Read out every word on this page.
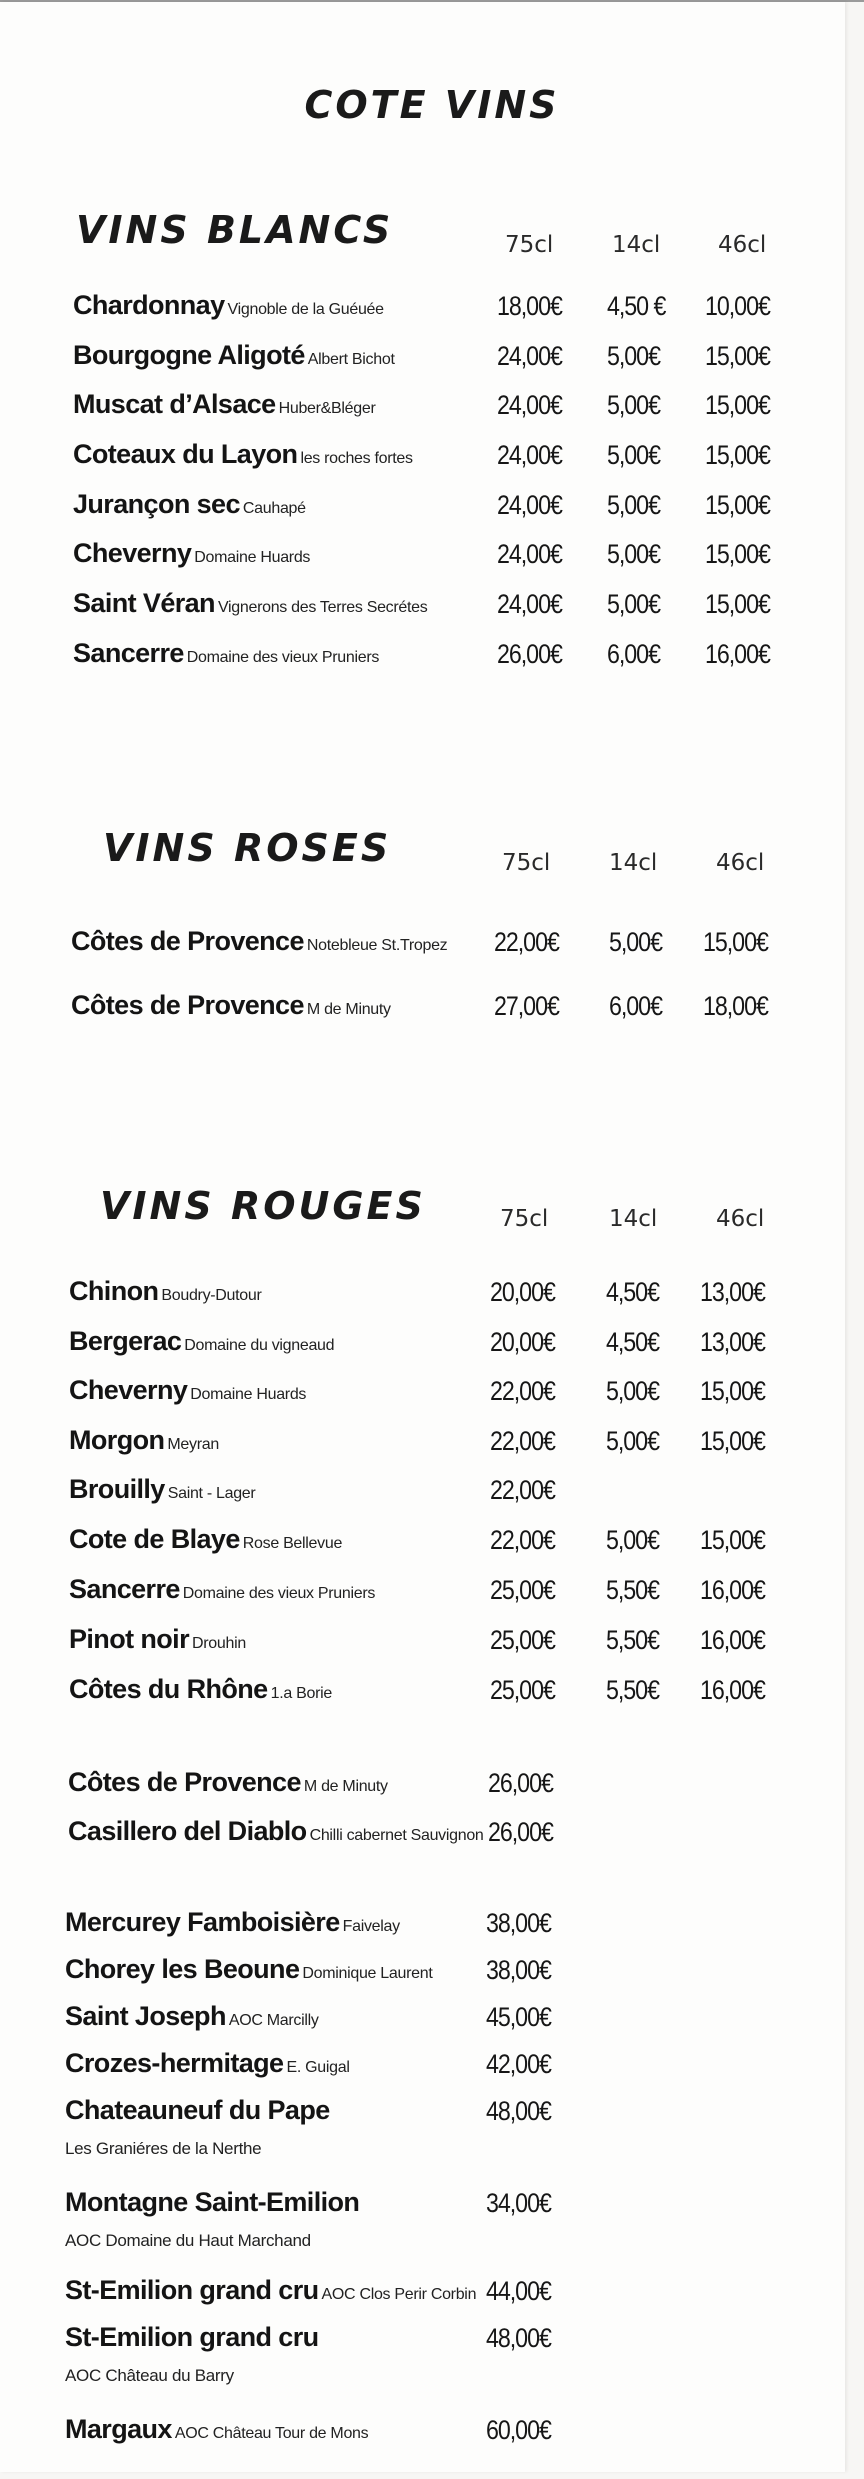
COTE VINS
VINS BLANCS	75cl	14cl	46cl
Chardonnay Vignoble de la Guéuée	18,00€ 4,50 € 10,00€
Bourgogne Aligoté Albert Bichot	24,00€ 5,00€ 15,00€
Muscat d’Alsace Huber&Bléger	24,00€ 5,00€ 15,00€
Coteaux du Layon les roches fortes	24,00€ 5,00€ 15,00€
Jurançon sec Cauhapé	24,00€ 5,00€ 15,00€
Cheverny Domaine Huards	24,00€ 5,00€ 15,00€
Saint Véran Vignerons des Terres Secrétes	24,00€ 5,00€ 15,00€
Sancerre Domaine des vieux Pruniers	26,00€ 6,00€ 16,00€
VINS ROSES	75cl	14cl	46cl
Côtes de Provence Notebleue St.Tropez 22,00€ 5,00€ 15,00€
Côtes de Provence M de Minuty	27,00€ 6,00€ 18,00€
VINS ROUGES	75cl	14cl	46cl
Chinon Boudry-Dutour	20,00€ 4,50€ 13,00€
Bergerac Domaine du vigneaud	20,00€ 4,50€ 13,00€
Cheverny Domaine Huards	22,00€ 5,00€ 15,00€
Morgon Meyran	22,00€ 5,00€ 15,00€
Brouilly Saint - Lager	22,00€
Cote de Blaye Rose Bellevue	22,00€ 5,00€ 15,00€
Sancerre Domaine des vieux Pruniers	25,00€ 5,50€ 16,00€
Pinot noir Drouhin	25,00€ 5,50€ 16,00€
Côtes du Rhône 1.a Borie	25,00€ 5,50€ 16,00€
Côtes de Provence M de Minuty	26,00€
Casillero del Diablo Chilli cabernet Sauvignon 26,00€
Mercurey Famboisière Faivelay	38,00€
Chorey les Beoune Dominique Laurent 38,00€
Saint Joseph AOC Marcilly	45,00€
Crozes-hermitage E. Guigal	42,00€
Chateauneuf du Pape	48,00€
Les Graniéres de la Nerthe
Montagne Saint-Emilion	34,00€
AOC Domaine du Haut Marchand
St-Emilion grand cru AOC Clos Perir Corbin 44,00€
St-Emilion grand cru	48,00€
AOC Château du Barry
Margaux AOC Château Tour de Mons	60,00€
